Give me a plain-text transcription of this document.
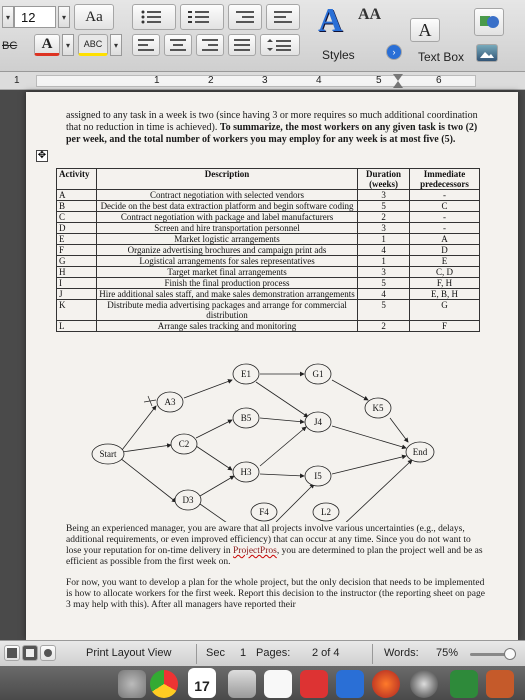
▾ 12	▾	Aa	A AA
A
BC	A	▾	ABC	▾
Styles	›	Text Box
1	1	2	3	4	5	6

assigned to any task in a week is two (since having 3 or more requires so much additional coordination that no reduction in time is achieved). To summarize, the most workers on any given task is two (2) per week, and the total number of workers you may employ for any week is at most five (5).

✥
Activity	Description	Duration (weeks)	Immediate predecessors
A	Contract negotiation with selected vendors	3	-
B	Decide on the best data extraction platform and begin software coding	5	C
C	Contract negotiation with package and label manufacturers	2	-
D	Screen and hire transportation personnel	3	-
E	Market logistic arrangements	1	A
F	Organize advertising brochures and campaign print ads	4	D
G	Logistical arrangements for sales representatives	1	E
H	Target market final arrangements	3	C, D
I	Finish the final production process	5	F, H
J	Hire additional sales staff, and make sales demonstration arrangements	4	E, B, H
K	Distribute media advertising packages and arrange for commercial distribution	5	G
L	Arrange sales tracking and monitoring	2	F
Start	End
A3
E1	G1
K5
B5	J4
C2
H3	I5
D3
F4	L2

Being an experienced manager, you are aware that all projects involve various uncertainties (e.g., delays, additional requirements, or even improved efficiency) that can occur at any time. Since you do not want to lose your reputation for on-time delivery in ProjectPros, you are determined to plan the project well and be as efficient as possible from the first week on.

For now, you want to develop a plan for the whole project, but the only decision that needs to be implemented is how to allocate workers for the first week. Report this decision to the instructor (the reporting sheet on page 3 may help with this). After all managers have reported their

Print Layout View	Sec 1 Pages: 2 of 4	Words: 75%
17
